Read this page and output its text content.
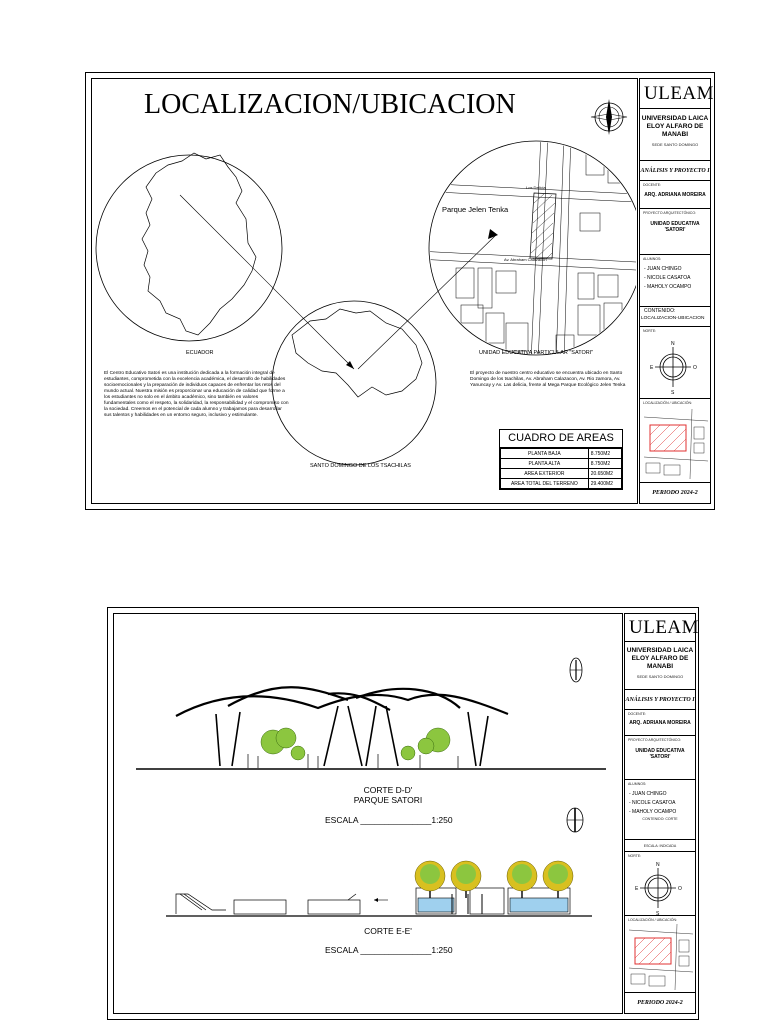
LOCALIZACION/UBICACION
Parque Jelen Tenka
Los Delicia
Av. Abraham Calazacon
ECUADOR	UNIDAD EDUCATIVA PARTICULAR "SATORI"
SANTO DOMINGO DE LOS TSACHILAS
El Centro Educativo Satori es una institución dedicada a la formación integral de estudiantes, comprometida con la excelencia académica, el desarrollo de habilidades socioemocionales y la preparación de individuos capaces de enfrentar los retos del mundo actual. Nuestra misión es proporcionar una educación de calidad que forme a los estudiantes no solo en el ámbito académico, sino también en valores fundamentales como el respeto, la solidaridad, la responsabilidad y el compromiso con la sociedad. Creemos en el potencial de cada alumno y trabajamos para desarrollar sus talentos y habilidades en un entorno seguro, inclusivo y estimulante.
El proyecto de nuestro centro educativo se encuentra ubicado en Santo Domingo de los tsachilas, Av. Abraham Calazacon, Av. Rio zamora, Av. Yanuncay y Av. Las delicia, frente al Mega Parque Ecológico Jelen Tenka
CUADRO DE AREAS
PLANTA BAJA	8.750M2
PLANTA ALTA	8.750M2
AREA EXTERIOR	20.650M2
AREA TOTAL DEL TERRENO	29.400M2
ULEAM
UNIVERSIDAD LAICA ELOY ALFARO DE MANABI
SEDE SANTO DOMINGO
ANÁLISIS Y PROYECTO I
DOCENTE:
ARQ. ADRIANA MOREIRA
PROYECTO ARQUITECTÓNICO:
UNIDAD EDUCATIVA 'SATORI'
ALUMNOS:
- JUAN CHINGO
- NICOLE CASATOA
- MAHOLY OCAMPO
CONTENIDO:
LOCALIZACION-UBICACION
NORTE:
N
S
E	O
LOCALIZACIÓN / UBICACIÓN:
PERIODO 2024-2
CORTE D-D'
PARQUE SATORI
ESCALA _______________1:250
CORTE E-E'
ESCALA _______________1:250
ULEAM
UNIVERSIDAD LAICA ELOY ALFARO DE MANABI
SEDE SANTO DOMINGO
ANÁLISIS Y PROYECTO I
DOCENTE:
ARQ. ADRIANA MOREIRA
PROYECTO ARQUITECTÓNICO:
UNIDAD EDUCATIVA 'SATORI'
ALUMNOS:
- JUAN CHINGO
- NICOLE CASATOA
- MAHOLY OCAMPO
CONTENIDO: CORTE
ESCALA: INDICADA
NORTE:
N
S
E	O
LOCALIZACIÓN / UBICACIÓN:
PERIODO 2024-2
